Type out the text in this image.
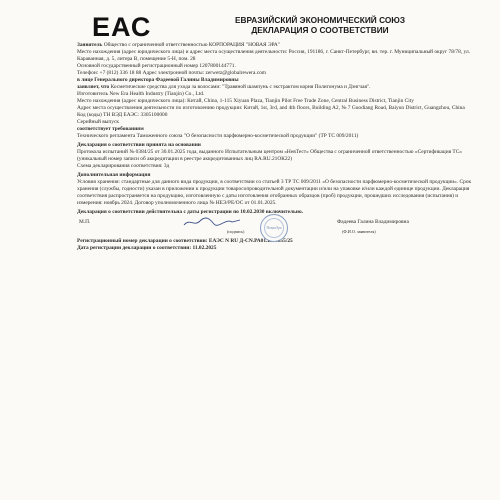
ЕАС	ЕВРАЗИЙСКИЙ ЭКОНОМИЧЕСКИЙ СОЮЗ
ДЕКЛАРАЦИЯ О СООТВЕТСТВИИ

Заявитель Общество с ограниченной ответственностью КОРПОРАЦИЯ "НОВАЯ ЭРА"

Место нахождения (адрес юридического лица) и адрес места осуществления деятельности: Россия, 191186, г. Санкт-Петербург, вн. тер. г. Муниципальный округ 78/78, ул. Караванная, д. 5, литера В, помещение 5-Н, пом. 28

Основной государственный регистрационный номер 1207800144771.

Телефон: +7 (812) 336 18 88 Адрес электронной почты: zerwetz@globalrewera.com

в лице Генерального директора Фадеевой Галины Владимировны

заявляет, что Косметические средства для ухода за волосами: "Травяной шампунь с экстрактом корня Полигонума и Дэнгчая".

Изготовитель New Era Health Industry (Tianjin) Co., Ltd.

Место нахождения (адрес юридического лица): Китай, China, 1-115 Xiyuan Plaza, Tianjin Pilot Free Trade Zone, Central Business District, Tianjin City

Адрес места осуществления деятельности по изготовлению продукции: Китай, 1st, 3rd, and 4th floors, Building A2, № 7 Guodiang Road, Baiyun District, Guangzhou, China

Код (коды) ТН ВЭД ЕАЭС: 3305100000

Серийный выпуск

соответствует требованиям

Технического регламента Таможенного союза "О безопасности парфюмерно-косметической продукции" (ТР ТС 009/2011)

Декларация о соответствии принята на основании

Протокола испытаний № 0384/25 от 30.01.2025 года, выданного Испытательным центром «НевТест» Общества с ограниченной ответственностью «Сертификация ТС» (уникальный номер записи об аккредитации в реестре аккредитованных лиц RA.RU.21ОК22)

Схема декларирования соответствия: 3д

Дополнительная информация

Условия хранения: стандартные для данного вида продукции, в соответствии со статьей 3 ТР ТС 009/2011 «О безопасности парфюмерно-косметической продукции». Срок хранения (службы, годности) указан в приложении к продукции товаросопроводительной документации и/или на упаковке и/или каждой единице продукции. Декларация соответствия распространяется на продукцию, изготовленную с даты изготовления отобранных образцов (проб) продукции, прошедших исследования (испытания) и измерения: ноябрь 2024. Договор уполномоченного лица № НЕЭ/РЕ/ОС от 01.01.2025.

Декларация о соответствии действительна с даты регистрации по 10.02.2030 включительно.

М.П.
НоваяЭра
Фадеева Галина Владимировна
(подпись)	(Ф.И.О. заявителя)

Регистрационный номер декларации о соответствии: ЕАЭС N RU Д-CN.РА01.В.84855/25

Дата регистрации декларации о соответствии: 11.02.2025
